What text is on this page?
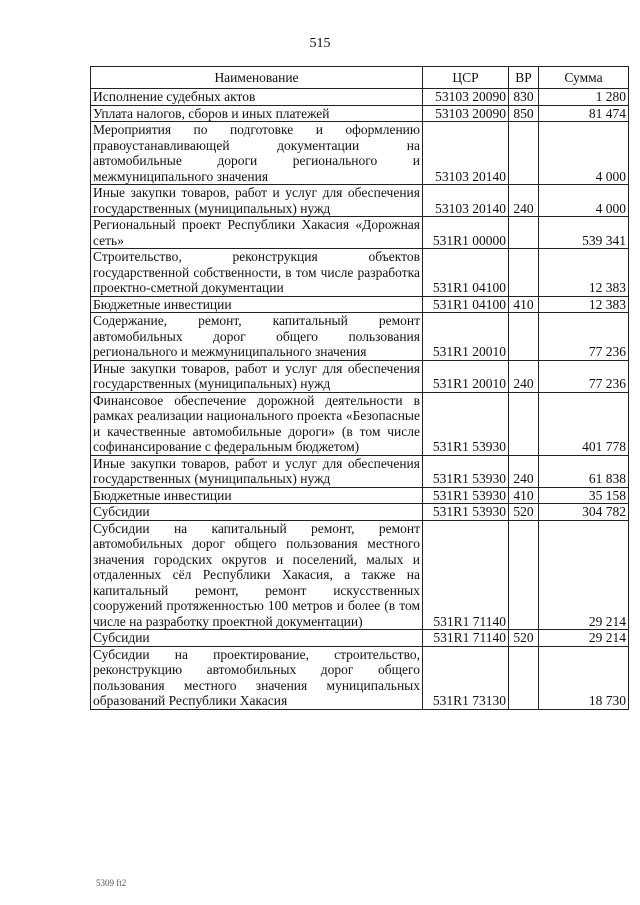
515
Наименование	ЦСР	ВР	Сумма
Исполнение судебных актов	53103 20090	830	1 280
Уплата налогов, сборов и иных платежей	53103 20090	850	81 474
Мероприятия по подготовке и оформлению правоустанавливающей документации на автомобильные дороги регионального и межмуниципального значения	53103 20140		4 000
Иные закупки товаров, работ и услуг для обеспечения государственных (муниципальных) нужд	53103 20140	240	4 000
Региональный проект Республики Хакасия «Дорожная сеть»	531R1 00000		539 341
Строительство, реконструкция объектов государственной собственности, в том числе разработка проектно-сметной документации	531R1 04100		12 383
Бюджетные инвестиции	531R1 04100	410	12 383
Содержание, ремонт, капитальный ремонт автомобильных дорог общего пользования регионального и межмуниципального значения	531R1 20010		77 236
Иные закупки товаров, работ и услуг для обеспечения государственных (муниципальных) нужд	531R1 20010	240	77 236
Финансовое обеспечение дорожной деятельности в рамках реализации национального проекта «Безопасные и качественные автомобильные дороги» (в том числе софинансирование с федеральным бюджетом)	531R1 53930		401 778
Иные закупки товаров, работ и услуг для обеспечения государственных (муниципальных) нужд	531R1 53930	240	61 838
Бюджетные инвестиции	531R1 53930	410	35 158
Субсидии	531R1 53930	520	304 782
Субсидии на капитальный ремонт, ремонт автомобильных дорог общего пользования местного значения городских округов и поселений, малых и отдаленных сёл Республики Хакасия, а также на капитальный ремонт, ремонт искусственных сооружений протяженностью 100 метров и более (в том числе на разработку проектной документации)	531R1 71140		29 214
Субсидии	531R1 71140	520	29 214
Субсидии на проектирование, строительство, реконструкцию автомобильных дорог общего пользования местного значения муниципальных образований Республики Хакасия	531R1 73130		18 730
5309 ft2
